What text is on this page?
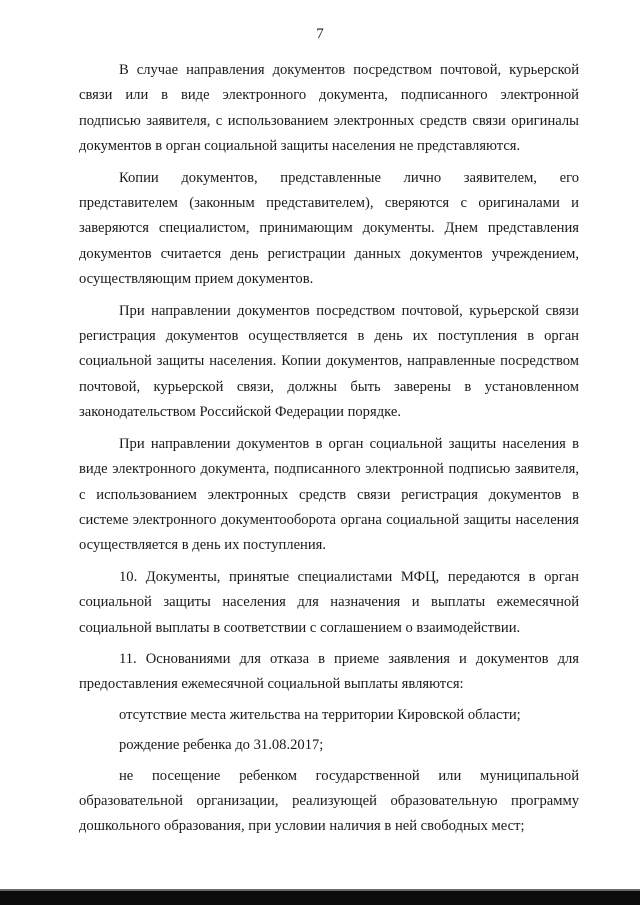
7

В случае направления документов посредством почтовой, курьерской связи или в виде электронного документа, подписанного электронной подписью заявителя, с использованием электронных средств связи оригиналы документов в орган социальной защиты населения не представляются.

Копии документов, представленные лично заявителем, его представителем (законным представителем), сверяются с оригиналами и заверяются специалистом, принимающим документы. Днем представления документов считается день регистрации данных документов учреждением, осуществляющим прием документов.

При направлении документов посредством почтовой, курьерской связи регистрация документов осуществляется в день их поступления в орган социальной защиты населения. Копии документов, направленные посредством почтовой, курьерской связи, должны быть заверены в установленном законодательством Российской Федерации порядке.

При направлении документов в орган социальной защиты населения в виде электронного документа, подписанного электронной подписью заявителя, с использованием электронных средств связи регистрация документов в системе электронного документооборота органа социальной защиты населения осуществляется в день их поступления.

10. Документы, принятые специалистами МФЦ, передаются в орган социальной защиты населения для назначения и выплаты ежемесячной социальной выплаты в соответствии с соглашением о взаимодействии.

11. Основаниями для отказа в приеме заявления и документов для предоставления ежемесячной социальной выплаты являются:

отсутствие места жительства на территории Кировской области;

рождение ребенка до 31.08.2017;

не посещение ребенком государственной или муниципальной образовательной организации, реализующей образовательную программу дошкольного образования, при условии наличия в ней свободных мест;
